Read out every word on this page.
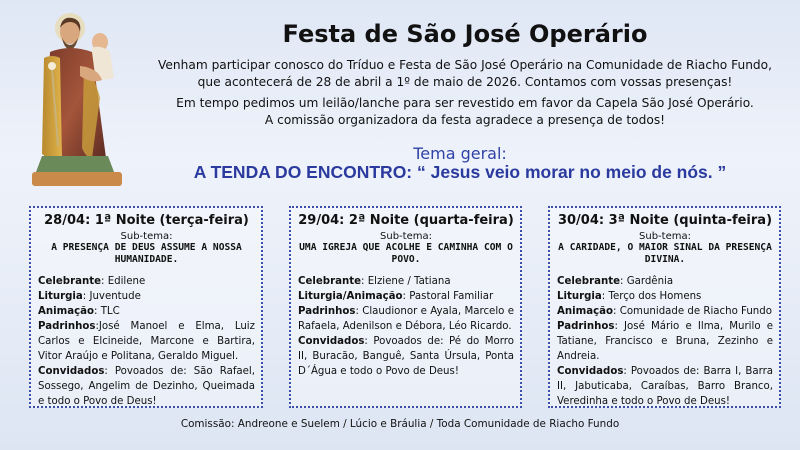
Festa de São José Operário

Venham participar conosco do Tríduo e Festa de São José Operário na Comunidade de Riacho Fundo,

que acontecerá de 28 de abril a 1º de maio de 2026. Contamos com vossas presenças!

Em tempo pedimos um leilão/lanche para ser revestido em favor da Capela São José Operário.

A comissão organizadora da festa agradece a presença de todos!

Tema geral:
A TENDA DO ENCONTRO: “ Jesus veio morar no meio de nós. ”
28/04: 1ª Noite (terça-feira)
Sub-tema:
A PRESENÇA DE DEUS ASSUME A NOSSA HUMANIDADE.

Celebrante: Edilene

Liturgia: Juventude

Animação: TLC

Padrinhos:José Manoel e Elma, Luiz Carlos e Elcineide, Marcone e Bartira, Vitor Araújo e Politana, Geraldo Miguel.

Convidados: Povoados de: São Rafael, Sossego, Angelim de Dezinho, Queimada e todo o Povo de Deus!

29/04: 2ª Noite (quarta-feira)
Sub-tema:
UMA IGREJA QUE ACOLHE E CAMINHA COM O POVO.

Celebrante: Elziene / Tatiana

Liturgia/Animação: Pastoral Familiar

Padrinhos: Claudionor e Ayala, Marcelo e Rafaela, Adenilson e Débora, Léo Ricardo.

Convidados: Povoados de: Pé do Morro II, Buracão, Banguê, Santa Úrsula, Ponta D´Água e todo o Povo de Deus!

30/04: 3ª Noite (quinta-feira)
Sub-tema:
A CARIDADE, O MAIOR SINAL DA PRESENÇA DIVINA.

Celebrante: Gardênia

Liturgia: Terço dos Homens

Animação: Comunidade de Riacho Fundo

Padrinhos: José Mário e Ilma, Murilo e Tatiane, Francisco e Bruna, Zezinho e Andreia.

Convidados: Povoados de: Barra I, Barra II, Jabuticaba, Caraíbas, Barro Branco, Veredinha e todo o Povo de Deus!

Comissão: Andreone e Suelem / Lúcio e Bráulia / Toda Comunidade de Riacho Fundo
